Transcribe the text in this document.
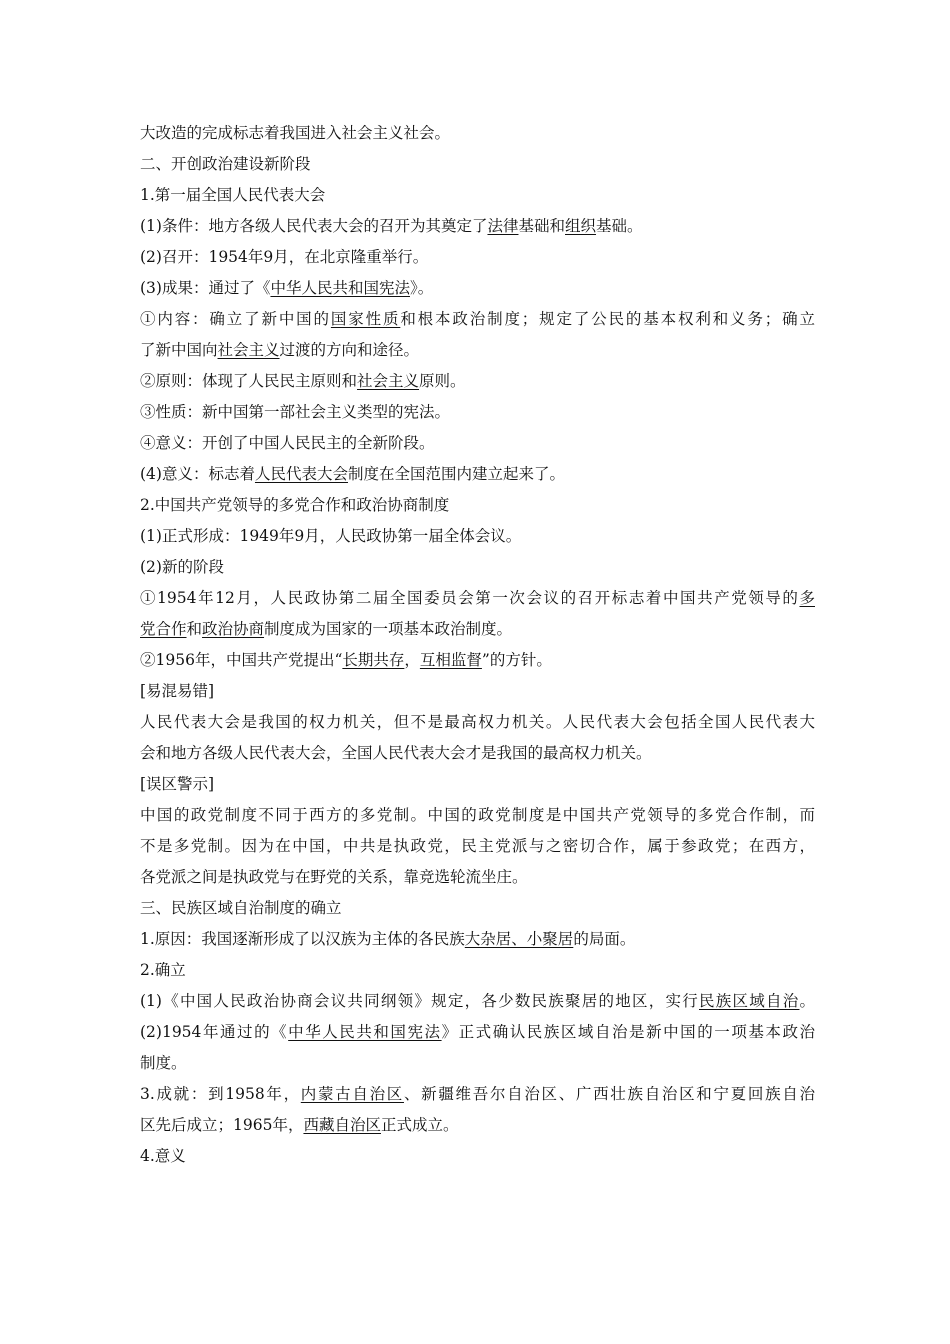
大改造的完成标志着我国进入社会主义社会。
二、开创政治建设新阶段
1.第一届全国人民代表大会
(1)条件：地方各级人民代表大会的召开为其奠定了法律基础和组织基础。
(2)召开：1954年9月，在北京隆重举行。
(3)成果：通过了《中华人民共和国宪法》。
①内容：确立了新中国的国家性质和根本政治制度；规定了公民的基本权利和义务；确立
了新中国向社会主义过渡的方向和途径。
②原则：体现了人民民主原则和社会主义原则。
③性质：新中国第一部社会主义类型的宪法。
④意义：开创了中国人民民主的全新阶段。
(4)意义：标志着人民代表大会制度在全国范围内建立起来了。
2.中国共产党领导的多党合作和政治协商制度
(1)正式形成：1949年9月，人民政协第一届全体会议。
(2)新的阶段
①1954年12月，人民政协第二届全国委员会第一次会议的召开标志着中国共产党领导的多
党合作和政治协商制度成为国家的一项基本政治制度。
②1956年，中国共产党提出“长期共存，互相监督”的方针。
[易混易错]
人民代表大会是我国的权力机关，但不是最高权力机关。人民代表大会包括全国人民代表大
会和地方各级人民代表大会，全国人民代表大会才是我国的最高权力机关。
[误区警示]
中国的政党制度不同于西方的多党制。中国的政党制度是中国共产党领导的多党合作制，而
不是多党制。因为在中国，中共是执政党，民主党派与之密切合作，属于参政党；在西方，
各党派之间是执政党与在野党的关系，靠竞选轮流坐庄。
三、民族区域自治制度的确立
1.原因：我国逐渐形成了以汉族为主体的各民族大杂居、小聚居的局面。
2.确立
(1)《中国人民政治协商会议共同纲领》规定，各少数民族聚居的地区，实行民族区域自治。
(2)1954年通过的《中华人民共和国宪法》正式确认民族区域自治是新中国的一项基本政治
制度。
3.成就：到1958年，内蒙古自治区、新疆维吾尔自治区、广西壮族自治区和宁夏回族自治
区先后成立；1965年，西藏自治区正式成立。
4.意义
